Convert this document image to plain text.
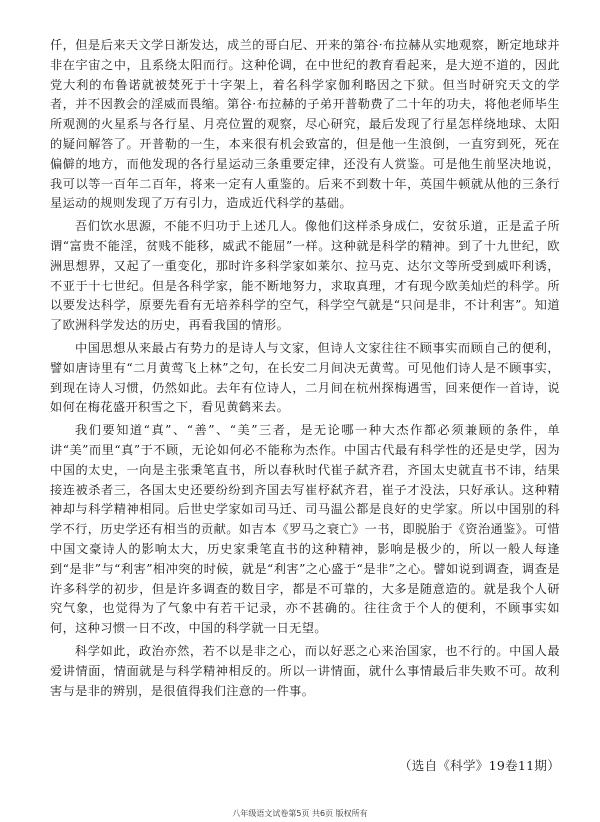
仟，但是后来天文学日渐发达，成兰的哥白尼、开来的第谷·布拉赫从实地观察，断定地球并非在宇宙之中，且系绕太阳而行。这种伦调，在中世纪的教育看起来，是大逆不道的，因此党大利的布鲁诺就被焚死于十字架上，着名科学家伽利略因之下狱。但当时研究天文的学者，并不因教会的淫威而畏缩。第谷·布拉赫的子弟开普勒费了二十年的功夫，将他老师毕生所观测的火星系与各行星、月亮位置的观察，尽心研究，最后发现了行星怎样绕地球、太阳的疑问解答了。开普勒的一生，本来很有机会致富的，但是他一生浪倒，一直穷到死，死在偏僻的地方，而他发现的各行星运动三条重要定律，还没有人赏鉴。可是他生前坚决地说，我可以等一百年二百年，将来一定有人重鉴的。后来不到数十年，英国牛顿就从他的三条行星运动的规则发现了万有引力，造成近代科学的基础。

吾们饮水思源，不能不归功于上述几人。像他们这样杀身成仁，安贫乐道，正是孟子所谓“富贵不能淫，贫贱不能移，威武不能屈”一样。这种就是科学的精神。到了十九世纪，欧洲思想界，又起了一重变化，那时许多科学家如莱尔、拉马克、达尔文等所受到威吓利诱，不亚于十七世纪。但是各科学家，能不断地努力，求取真理，才有现今欧美灿烂的科学。所以要发达科学，原要先看有无培养科学的空气，科学空气就是“只问是非，不计利害”。知道了欧洲科学发达的历史，再看我国的情形。

中国思想从来最占有势力的是诗人与文家，但诗人文家往往不顾事实而顾自己的便利，譬如唐诗里有“二月黄莺飞上林”之句，在长安二月间决无黄莺。可见他们诗人是不顾事实，到现在诗人习惯，仍然如此。去年有位诗人，二月间在杭州探梅遇雪，回来便作一首诗，说如何在梅花盛开积雪之下，看见黄鹤来去。

我们要知道“真”、“善”、“美”三者，是无论哪一种大杰作都必须兼顾的条件，单讲“美”而里“真”于不顾，无论如何必不能称为杰作。中国古代最有科学性的还是史学，因为中国的太史，一向是主张秉笔直书，所以春秋时代崔子弑齐君，齐国太史就直书不讳，结果接连被杀者三，各国太史还要纷纷到齐国去写崔杼弑齐君，崔子才没法，只好承认。这种精神却与科学精神相同。后世史学家如司马迁、司马温公都是良好的史学家。所以中国别的科学不行，历史学还有相当的贡献。如吉本《罗马之衰亡》一书，即脱胎于《资治通鉴》。可惜中国文豪诗人的影响太大，历史家秉笔直书的这种精神，影响是极少的，所以一般人每逢到“是非”与“利害”相冲突的时候，就是“利害”之心盛于“是非”之心。譬如说到调查，调查是许多科学的初步，但是许多调查的数目字，都是不可靠的，大多是随意造的。就是我个人研究气象，也觉得为了气象中有若干记录，亦不甚确的。往往贪于个人的便利，不顾事实如何，这种习惯一日不改，中国的科学就一日无望。

科学如此，政治亦然，若不以是非之心，而以好恶之心来治国家，也不行的。中国人最爱讲情面，情面就是与科学精神相反的。所以一讲情面，就什么事情最后非失败不可。故利害与是非的辨别，是很值得我们注意的一件事。

（选自《科学》19卷11期）
八年级语文试卷第5页 共6页 版权所有
